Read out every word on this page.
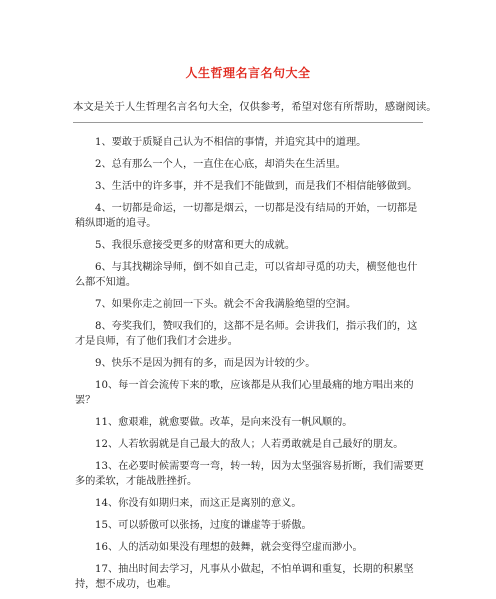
人生哲理名言名句大全
本文是关于人生哲理名言名句大全，仅供参考，希望对您有所帮助，感谢阅读。
1、要敢于质疑自己认为不相信的事情，并追究其中的道理。
2、总有那么一个人，一直住在心底，却消失在生活里。
3、生活中的许多事，并不是我们不能做到，而是我们不相信能够做到。
4、一切都是命运，一切都是烟云，一切都是没有结局的开始，一切都是稍纵即逝的追寻。
5、我很乐意接受更多的财富和更大的成就。
6、与其找糊涂导师，倒不如自己走，可以省却寻觅的功夫，横竖他也什么都不知道。
7、如果你走之前回一下头。就会不舍我满脸绝望的空洞。
8、夸奖我们，赞叹我们的，这都不是名师。会讲我们，指示我们的，这才是良师，有了他们我们才会进步。
9、快乐不是因为拥有的多，而是因为计较的少。
10、每一首会流传下来的歌，应该都是从我们心里最痛的地方唱出来的罢？
11、愈艰难，就愈要做。改革，是向来没有一帆风顺的。
12、人若软弱就是自己最大的敌人；人若勇敢就是自己最好的朋友。
13、在必要时候需要弯一弯，转一转，因为太坚强容易折断，我们需要更多的柔软，才能战胜挫折。
14、你没有如期归来，而这正是离别的意义。
15、可以骄傲可以张扬，过度的谦虚等于骄傲。
16、人的活动如果没有理想的鼓舞，就会变得空虚而渺小。
17、抽出时间去学习，凡事从小做起，不怕单调和重复，长期的积累坚持，想不成功，也难。
